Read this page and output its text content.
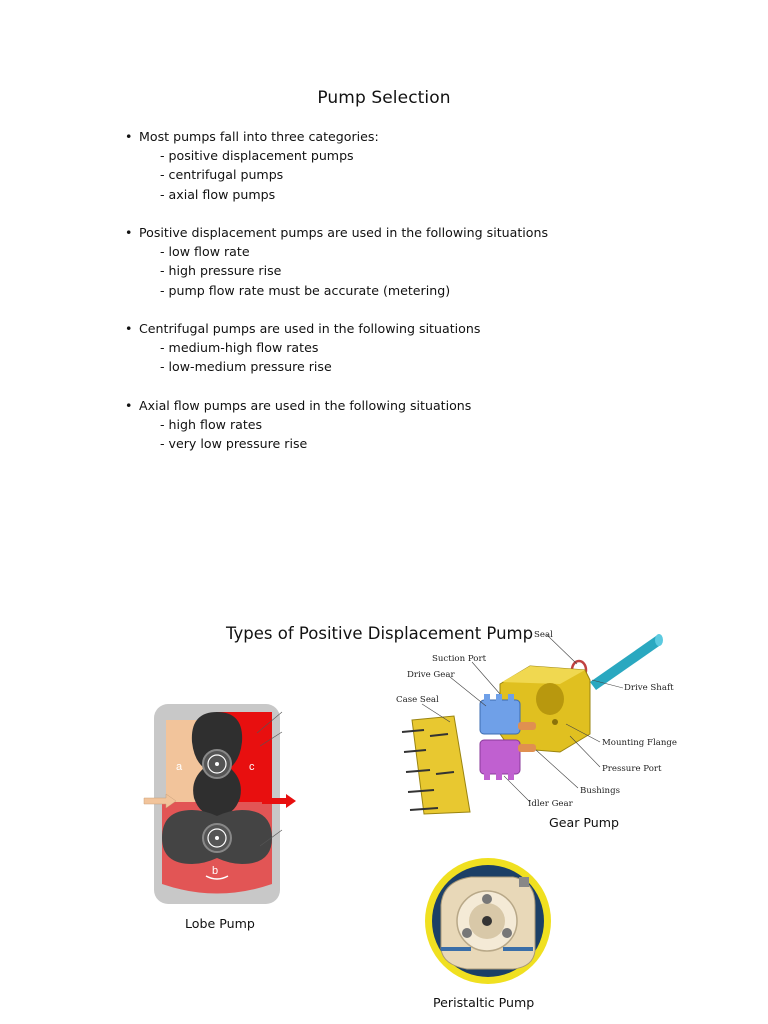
Pump Selection
• Most pumps fall into three categories:
- positive displacement pumps
- centrifugal pumps
- axial flow pumps
• Positive displacement pumps are used in the following situations
- low flow rate
- high pressure rise
- pump flow rate must be accurate (metering)
• Centrifugal pumps are used in the following situations
- medium-high flow rates
- low-medium pressure rise
• Axial flow pumps are used in the following situations
- high flow rates
- very low pressure rise
Types of Positive Displacement Pump
a	c
b
Lobe Pump
Seal
Suction Port
Drive Gear
Case Seal
Drive Shaft
Mounting Flange
Pressure Port
Bushings
Idler Gear
Gear Pump
Peristaltic Pump
